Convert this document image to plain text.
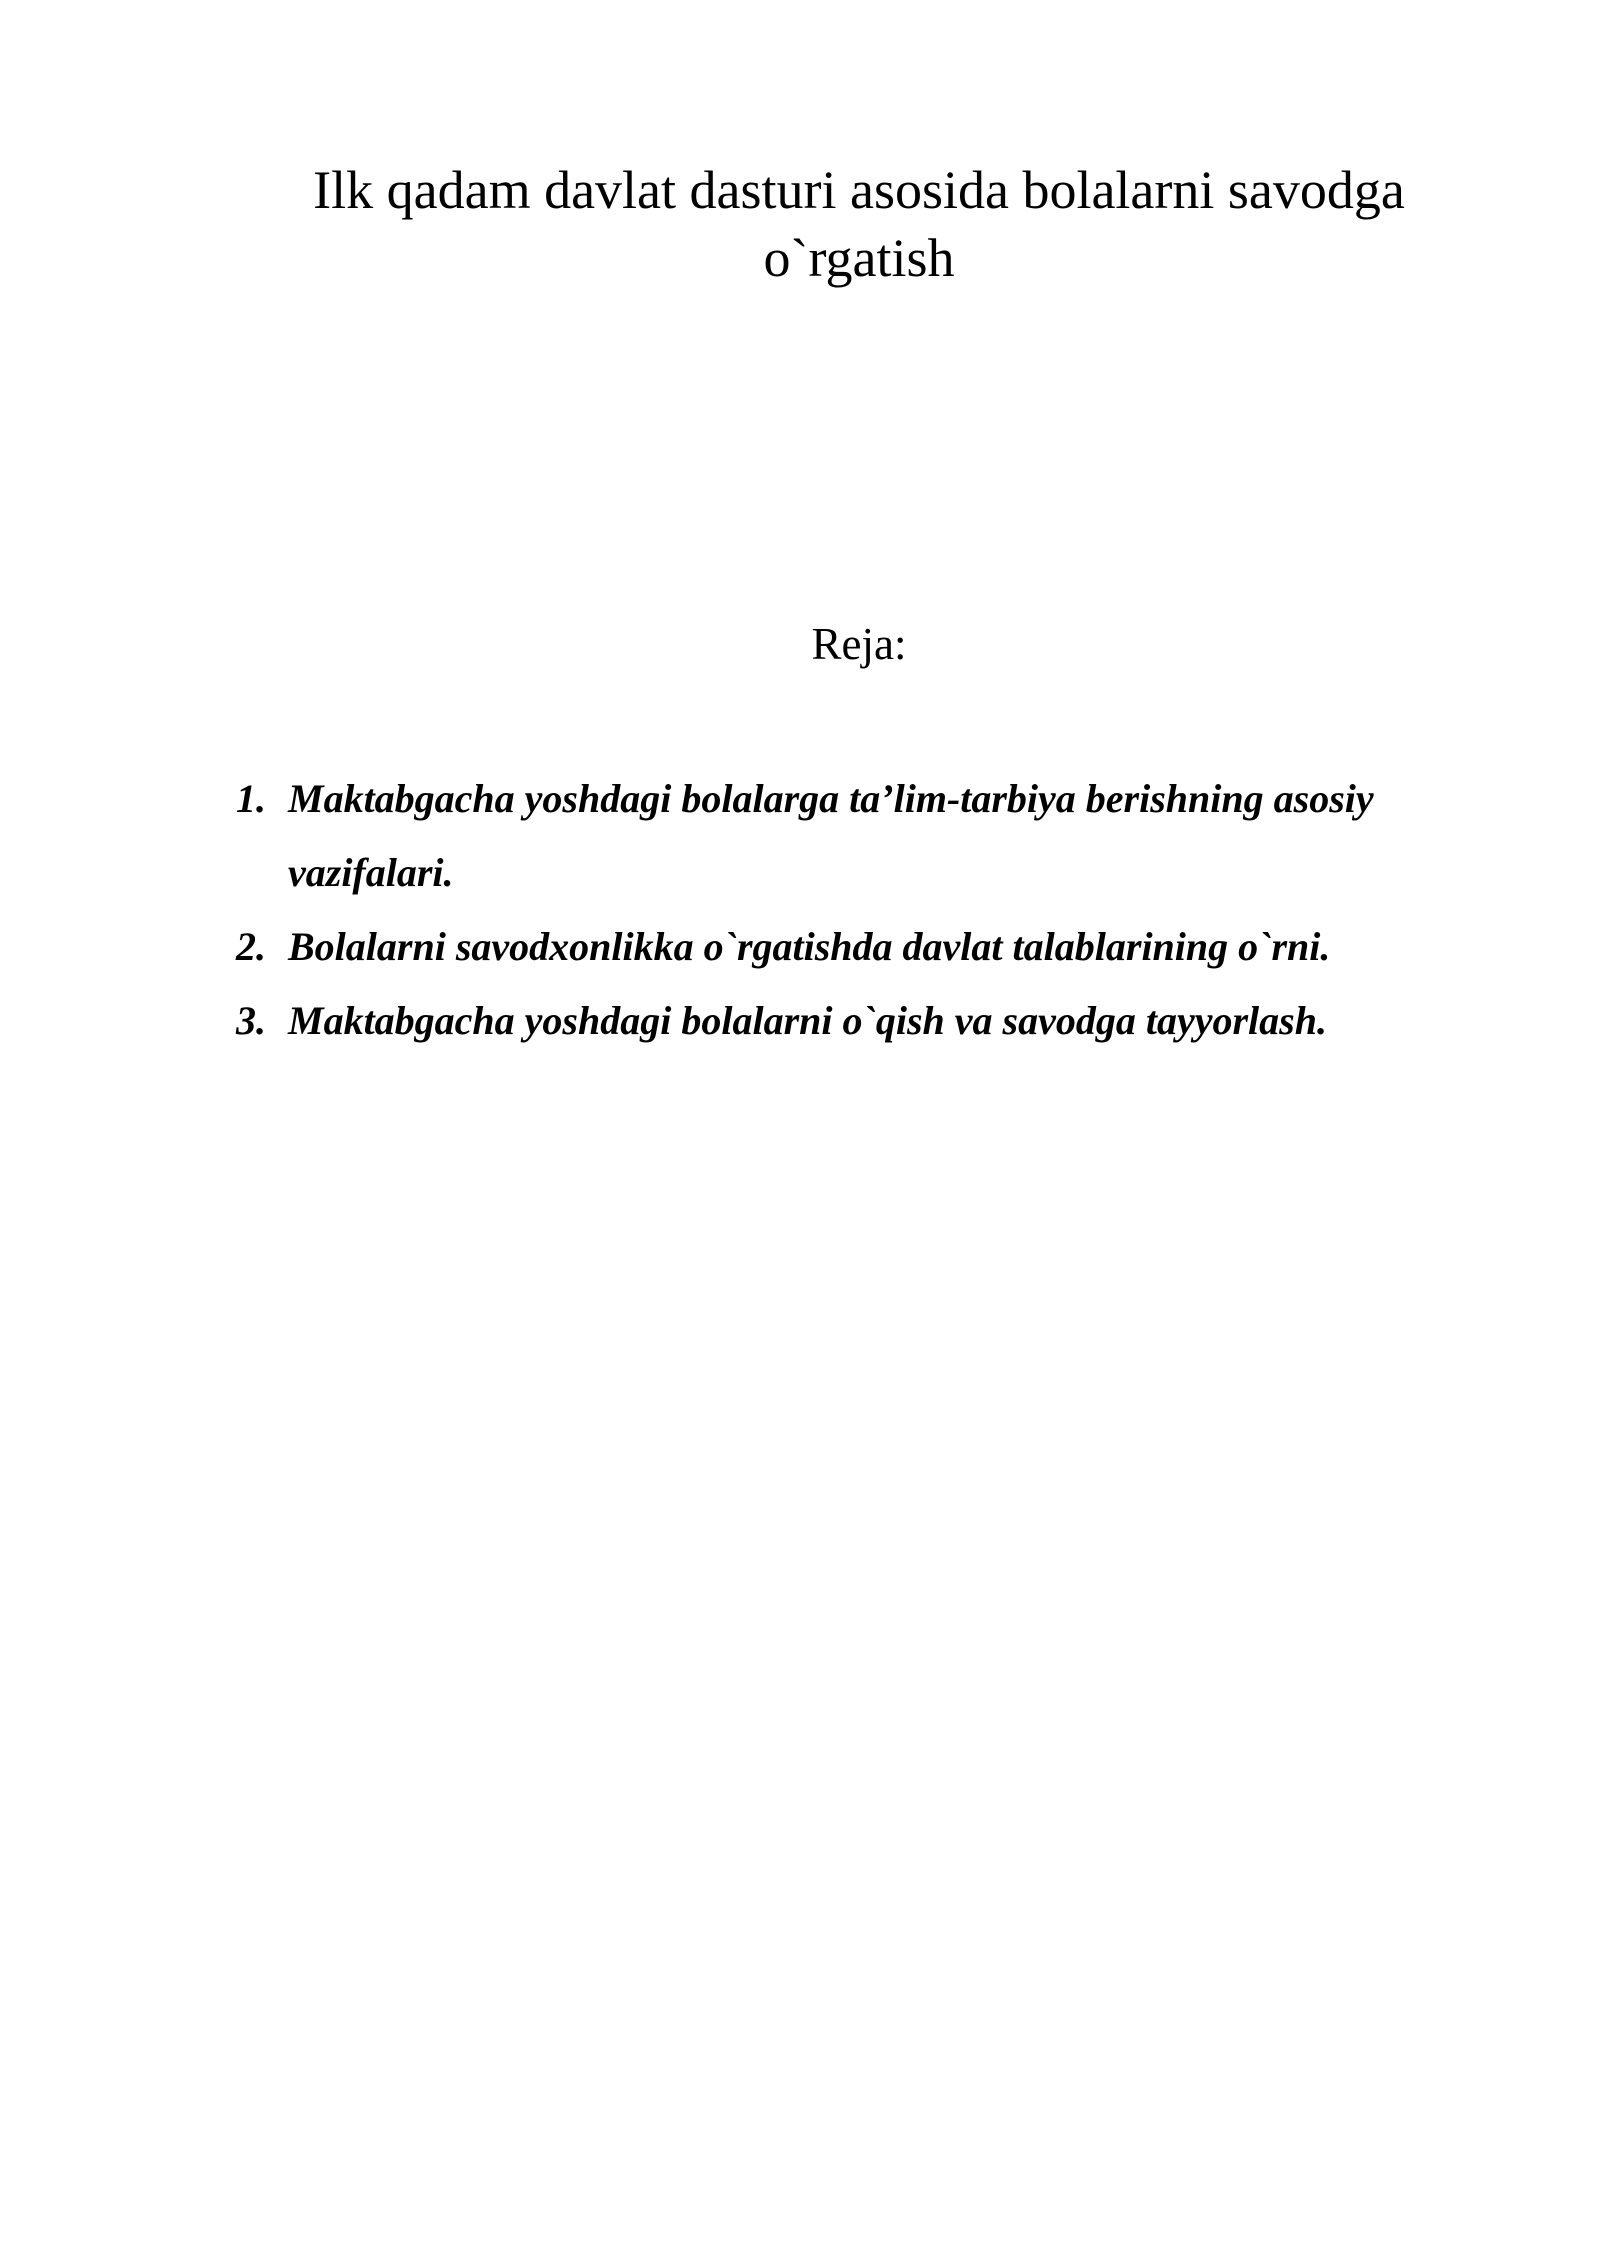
Ilk qadam davlat dasturi asosida bolalarni savodga o`rgatish
Reja:
1. Maktabgacha yoshdagi bolalarga ta’lim-tarbiya berishning asosiy vazifalari.
2. Bolalarni savodxonlikka o`rgatishda davlat talablarining o`rni.
3. Maktabgacha yoshdagi bolalarni o`qish va savodga tayyorlash.
